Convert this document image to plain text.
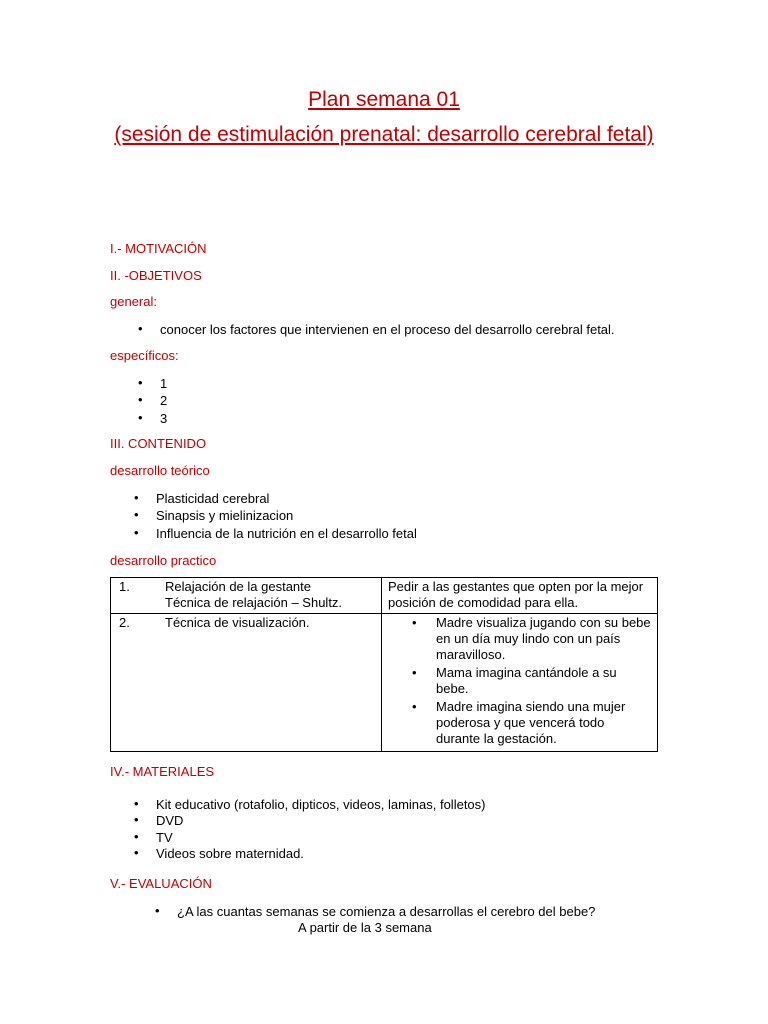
Plan semana 01
(sesión de estimulación prenatal: desarrollo cerebral fetal)
I.- MOTIVACIÓN
II. -OBJETIVOS
general:
•
conocer los factores que intervienen en el proceso del desarrollo cerebral fetal.
específicos:
•
1
•
2
•
3
III. CONTENIDO
desarrollo teórico
•
Plasticidad cerebral
•
Sinapsis y mielinizacion
•
Influencia de la nutrición en el desarrollo fetal
desarrollo practico
1. Relajación de la gestante
Técnica de relajación – Shultz.	Pedir a las gestantes que opten por la mejor posición de comodidad para ella.
2. Técnica de visualización.	• Madre visualiza jugando con su bebe en un día muy lindo con un país maravilloso.
• Mama imagina cantándole a su bebe.
• Madre imagina siendo una mujer poderosa y que vencerá todo durante la gestación.
IV.- MATERIALES
•
Kit educativo (rotafolio, dipticos, videos, laminas, folletos)
•
DVD
•
TV
•
Videos sobre maternidad.
V.- EVALUACIÓN
•
¿A las cuantas semanas se comienza a desarrollas el cerebro del bebe?
A partir de la 3 semana
